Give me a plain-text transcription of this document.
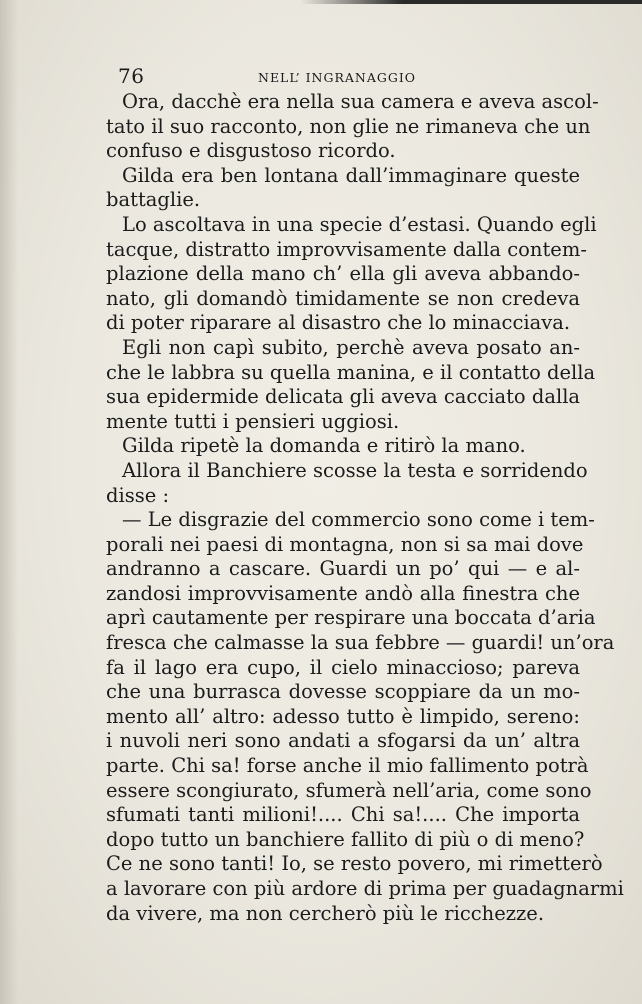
76	NELL’ INGRANAGGIO
Ora, dacchè era nella sua camera e aveva ascol-
tato il suo racconto, non glie ne rimaneva che un
confuso e disgustoso ricordo.
Gilda era ben lontana dall’immaginare queste
battaglie.
Lo ascoltava in una specie d’estasi. Quando egli
tacque, distratto improvvisamente dalla contem-
plazione della mano ch’ ella gli aveva abbando-
nato, gli domandò timidamente se non credeva
di poter riparare al disastro che lo minacciava.
Egli non capì subito, perchè aveva posato an-
che le labbra su quella manina, e il contatto della
sua epidermide delicata gli aveva cacciato dalla
mente tutti i pensieri uggiosi.
Gilda ripetè la domanda e ritirò la mano.
Allora il Banchiere scosse la testa e sorridendo
disse :
— Le disgrazie del commercio sono come i tem-
porali nei paesi di montagna, non si sa mai dove
andranno a cascare. Guardi un po’ qui — e al-
zandosi improvvisamente andò alla finestra che
aprì cautamente per respirare una boccata d’aria
fresca che calmasse la sua febbre — guardi! un’ora
fa il lago era cupo, il cielo minaccioso; pareva
che una burrasca dovesse scoppiare da un mo-
mento all’ altro: adesso tutto è limpido, sereno:
i nuvoli neri sono andati a sfogarsi da un’ altra
parte. Chi sa! forse anche il mio fallimento potrà
essere scongiurato, sfumerà nell’aria, come sono
sfumati tanti milioni!.... Chi sa!.... Che importa
dopo tutto un banchiere fallito di più o di meno?
Ce ne sono tanti! Io, se resto povero, mi rimetterò
a lavorare con più ardore di prima per guadagnarmi
da vivere, ma non cercherò più le ricchezze.
